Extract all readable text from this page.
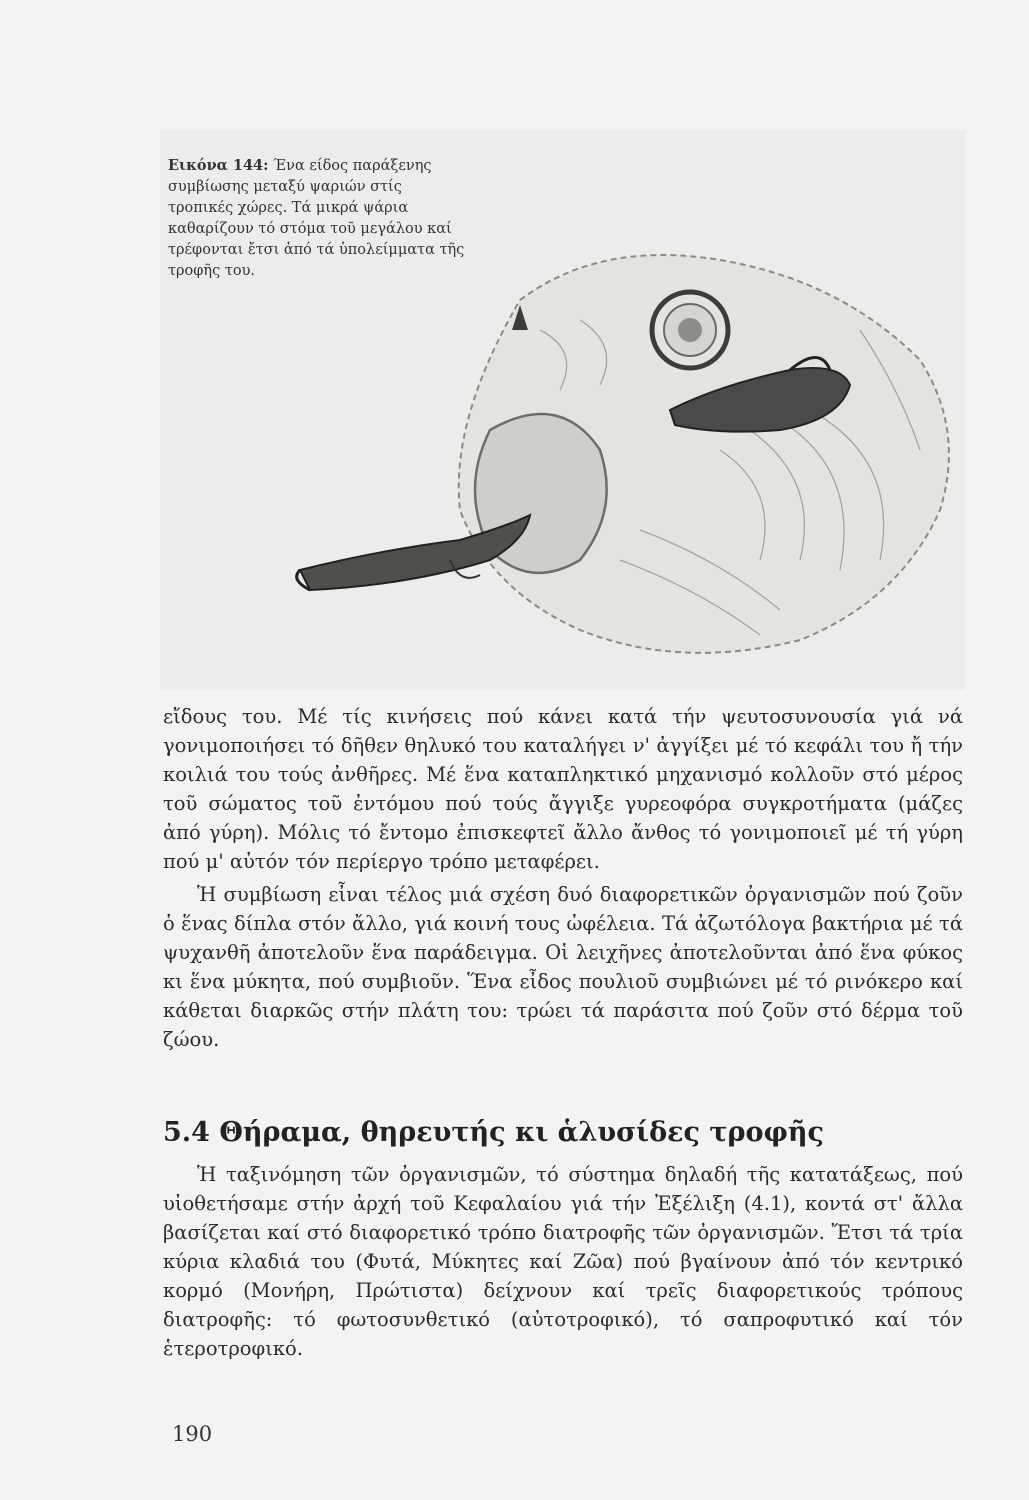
Εικόνα 144: Ένα είδος παράξενης συμβίωσης μεταξύ ψαριών στίς τροπικές χώρες. Τά μικρά ψάρια καθαρίζουν τό στόμα τοῦ μεγάλου καί τρέφονται ἔτσι ἀπό τά ὑπολείμματα τῆς τροφῆς του.

εἴδους του. Μέ τίς κινήσεις πού κάνει κατά τήν ψευτοσυνουσία γιά νά γονιμοποιήσει τό δῆθεν θηλυκό του καταλήγει ν' ἀγγίξει μέ τό κεφάλι του ἤ τήν κοιλιά του τούς ἀνθῆρες. Μέ ἕνα καταπληκτικό μηχανισμό κολλοῦν στό μέρος τοῦ σώματος τοῦ ἐντόμου πού τούς ἄγγιξε γυρεοφόρα συγκροτήματα (μάζες ἀπό γύρη). Μόλις τό ἔντομο ἐπισκεφτεῖ ἄλλο ἄνθος τό γονιμοποιεῖ μέ τή γύρη πού μ' αὐτόν τόν περίεργο τρόπο μεταφέρει.

Ἡ συμβίωση εἶναι τέλος μιά σχέση δυό διαφορετικῶν ὀργανισμῶν πού ζοῦν ὁ ἕνας δίπλα στόν ἄλλο, γιά κοινή τους ὠφέλεια. Τά ἀζωτόλογα βακτήρια μέ τά ψυχανθῆ ἀποτελοῦν ἕνα παράδειγμα. Οἱ λειχῆνες ἀποτελοῦνται ἀπό ἕνα φύκος κι ἕνα μύκητα, πού συμβιοῦν. Ἕνα εἶδος πουλιοῦ συμβιώνει μέ τό ρινόκερο καί κάθεται διαρκῶς στήν πλάτη του: τρώει τά παράσιτα πού ζοῦν στό δέρμα τοῦ ζώου.

5.4 Θήραμα, θηρευτής κι ἁλυσίδες τροφῆς

Ἡ ταξινόμηση τῶν ὀργανισμῶν, τό σύστημα δηλαδή τῆς κατατάξεως, πού υἱοθετήσαμε στήν ἀρχή τοῦ Κεφαλαίου γιά τήν Ἐξέλιξη (4.1), κοντά στ' ἄλλα βασίζεται καί στό διαφορετικό τρόπο διατροφῆς τῶν ὀργανισμῶν. Ἔτσι τά τρία κύρια κλαδιά του (Φυτά, Μύκητες καί Ζῶα) πού βγαίνουν ἀπό τόν κεντρικό κορμό (Μονήρη, Πρώτιστα) δείχνουν καί τρεῖς διαφορετικούς τρόπους διατροφῆς: τό φωτοσυνθετικό (αὐτοτροφικό), τό σαπροφυτικό καί τόν ἑτεροτροφικό.

190
